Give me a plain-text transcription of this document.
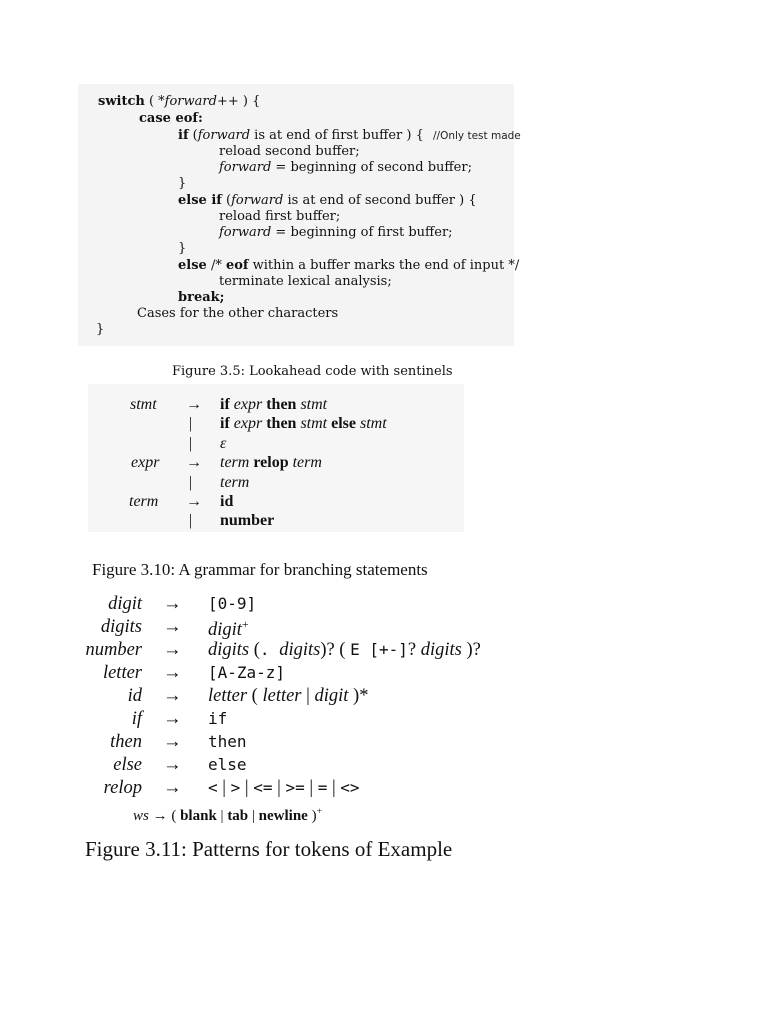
switch ( *forward++ ) {
case eof:
if (forward is at end of first buffer ) { //Only test made
reload second buffer;
forward = beginning of second buffer;
}
else if (forward is at end of second buffer ) {
reload first buffer;
forward = beginning of first buffer;
}
else /* eof within a buffer marks the end of input */
terminate lexical analysis;
break;
Cases for the other characters
}
Figure 3.5: Lookahead code with sentinels
stmt → if expr then stmt
| if expr then stmt else stmt
| ε
expr → term relop term
| term
term → id
| number
Figure 3.10: A grammar for branching statements
digit → [0-9]
digits → digit+
number → digits (. digits)? ( E [+-]? digits )?
letter → [A-Za-z]
id → letter ( letter | digit )*
if → if
then → then
else → else
relop → < | > | <= | >= | = | <>
ws → ( blank | tab | newline )+
Figure 3.11: Patterns for tokens of Example
